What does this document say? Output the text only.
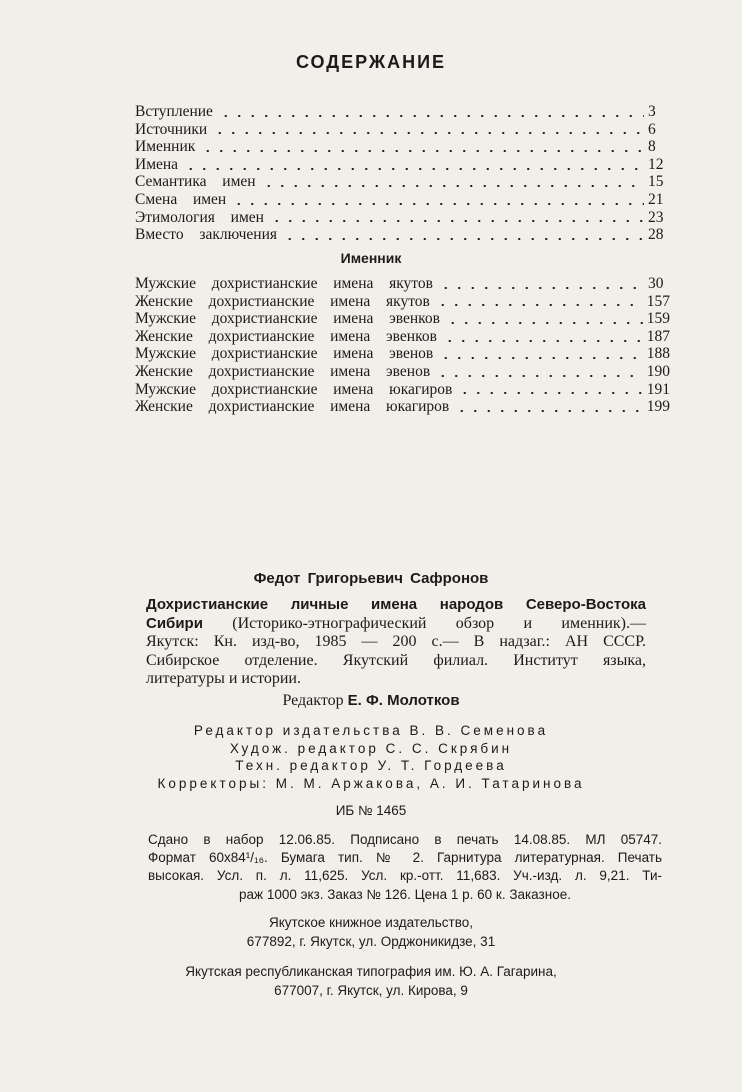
СОДЕРЖАНИЕ
Вступление	3
Источники	6
Именник	8
Имена	12
Семантика  имен	15
Смена  имен	21
Этимология  имен	23
Вместо  заключения	28
Именник
Мужские  дохристианские  имена  якутов	30
Женские  дохристианские  имена  якутов	157
Мужские  дохристианские  имена  эвенков	159
Женские  дохристианские  имена  эвенков	187
Мужские  дохристианские  имена  эвенов	188
Женские  дохристианские  имена  эвенов	190
Мужские  дохристианские  имена  юкагиров	191
Женские  дохристианские  имена  юкагиров	199
Федот Григорьевич Сафронов
Дохристианские личные имена народов Северо-Востока
Сибири (Историко-этнографический обзор и именник).—
Якутск: Кн. изд-во, 1985 — 200 с.— В надзаг.: АН СССР.
Сибирское отделение. Якутский филиал. Институт языка,
литературы и истории.
Редактор Е. Ф. Молотков
Редактор издательства В. В. Семенова
Худож. редактор С. С. Скрябин
Техн. редактор У. Т. Гордеева
Корректоры: М. М. Аржакова, А. И. Татаринова
ИБ № 1465
Сдано в набор 12.06.85. Подписано в печать 14.08.85. МЛ 05747.
Формат 60х84¹/₁₆. Бумага тип. № 2. Гарнитура литературная. Печать
высокая. Усл. п. л. 11,625. Усл. кр.-отт. 11,683. Уч.-изд. л. 9,21. Ти-
раж 1000 экз. Заказ № 126. Цена 1 р. 60 к. Заказное.
Якутское книжное издательство,
677892, г. Якутск, ул. Орджоникидзе, 31
Якутская республиканская типография им. Ю. А. Гагарина,
677007, г. Якутск, ул. Кирова, 9
